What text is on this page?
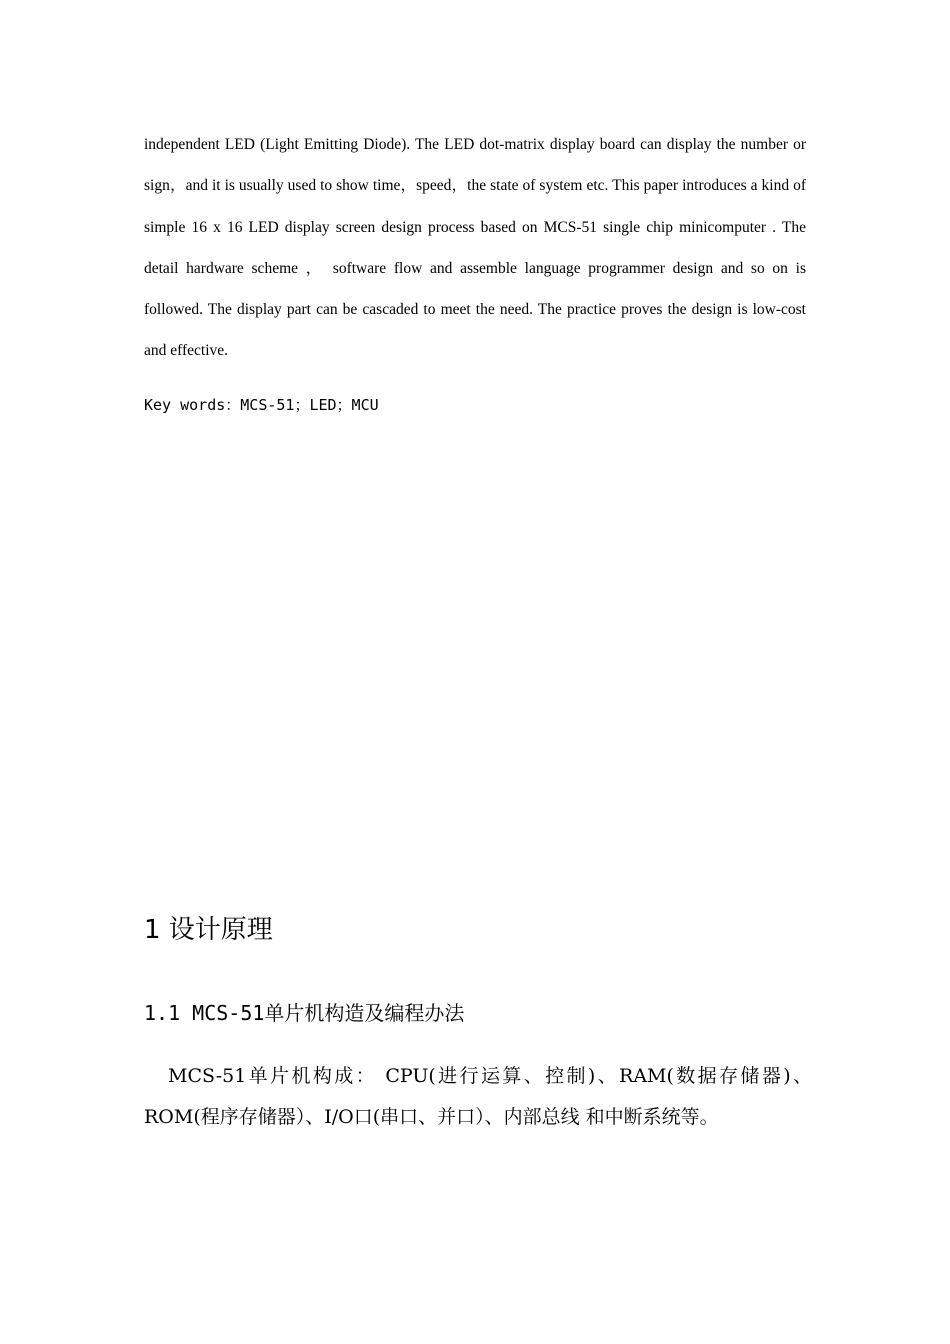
independent LED (Light Emitting Diode). The LED dot-matrix display board can display the number or sign，and it is usually used to show time，speed，the state of system etc. This paper introduces a kind of simple 16 x 16 LED display screen design process based on MCS-51 single chip minicomputer . The detail hardware scheme ， software flow and assemble language programmer design and so on is followed. The display part can be cascaded to meet the need. The practice proves the design is low-cost and effective.

Key words：MCS-51；LED；MCU

1 设计原理
1.1 MCS-51单片机构造及编程办法

MCS-51单片机构成： CPU(进行运算、控制)、RAM(数据存储器)、ROM(程序存储器）、I/O口(串口、并口）、内部总线 和中断系统等。
